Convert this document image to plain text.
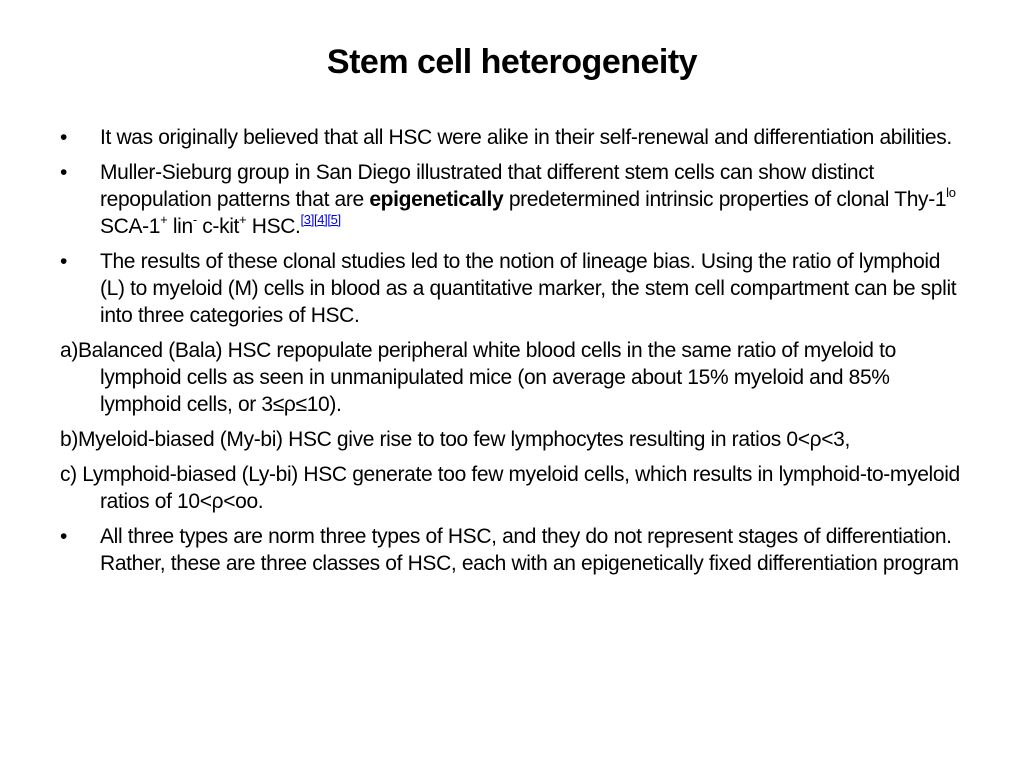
Stem cell heterogeneity
•	It was originally believed that all HSC were alike in their self-renewal and differentiation abilities.
•	Muller-Sieburg group in San Diego illustrated that different stem cells can show distinct repopulation patterns that are epigenetically predetermined intrinsic properties of clonal Thy-$1^{lo}$ SCA-1+ lin- c-kit+ HSC.[3][4][5]
•	The results of these clonal studies led to the notion of lineage bias. Using the ratio of lymphoid (L) to myeloid (M) cells in blood as a quantitative marker, the stem cell compartment can be split into three categories of HSC.
a)Balanced (Bala) HSC repopulate peripheral white blood cells in the same ratio of myeloid to lymphoid cells as seen in unmanipulated mice (on average about 15% myeloid and 85% lymphoid cells, or 3≤ρ≤10).
b)Myeloid-biased (My-bi) HSC give rise to too few lymphocytes resulting in ratios 0<ρ<3,
c) Lymphoid-biased (Ly-bi) HSC generate too few myeloid cells, which results in lymphoid-to-myeloid ratios of 10<ρ<oo.
•	All three types are norm three types of HSC, and they do not represent stages of differentiation. Rather, these are three classes of HSC, each with an epigenetically fixed differentiation program
